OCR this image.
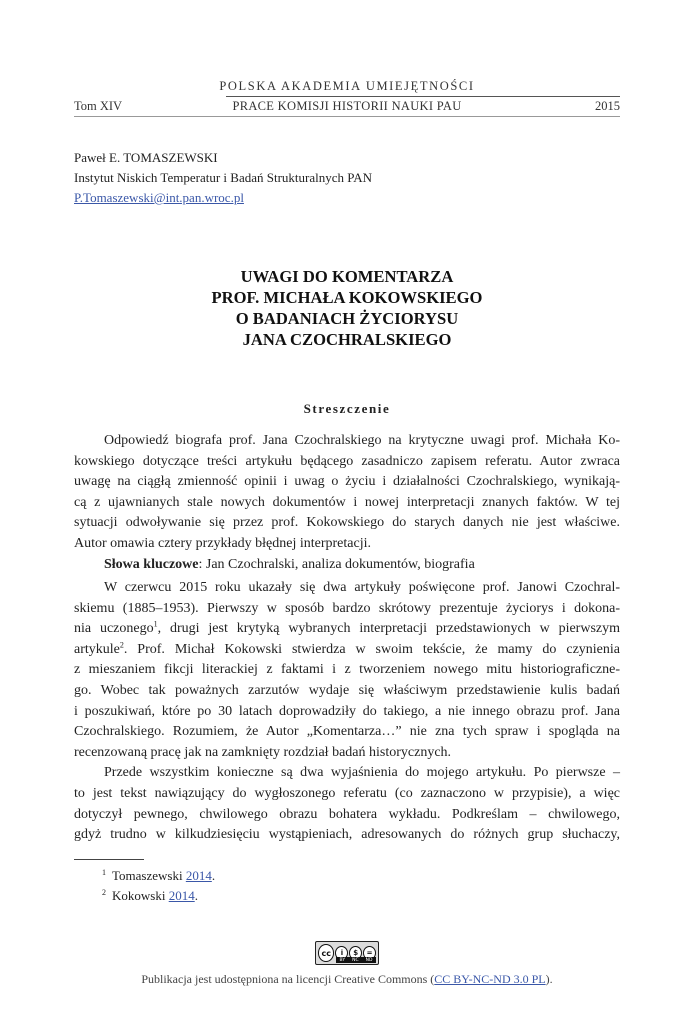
POLSKA AKADEMIA UMIEJĘTNOŚCI
Tom XIV	PRACE KOMISJI HISTORII NAUKI PAU	2015
Paweł E. TOMASZEWSKI
Instytut Niskich Temperatur i Badań Strukturalnych PAN
P.Tomaszewski@int.pan.wroc.pl
UWAGI DO KOMENTARZA
PROF. MICHAŁA KOKOWSKIEGO
O BADANIACH ŻYCIORYSU
JANA CZOCHRALSKIEGO
Streszczenie
Odpowiedź biografa prof. Jana Czochralskiego na krytyczne uwagi prof. Michała Ko-
kowskiego dotyczące treści artykułu będącego zasadniczo zapisem referatu. Autor zwraca
uwagę na ciągłą zmienność opinii i uwag o życiu i działalności Czochralskiego, wynikają-
cą z ujawnianych stale nowych dokumentów i nowej interpretacji znanych faktów. W tej
sytuacji odwoływanie się przez prof. Kokowskiego do starych danych nie jest właściwe.
Autor omawia cztery przykłady błędnej interpretacji.
Słowa kluczowe: Jan Czochralski, analiza dokumentów, biografia
W czerwcu 2015 roku ukazały się dwa artykuły poświęcone prof. Janowi Czochral-
skiemu (1885–1953). Pierwszy w sposób bardzo skrótowy prezentuje życiorys i dokona-
nia uczonego$^1$, drugi jest krytyką wybranych interpretacji przedstawionych w pierwszym
artykule$^2$. Prof. Michał Kokowski stwierdza w swoim tekście, że mamy do czynienia
z mieszaniem fikcji literackiej z faktami i z tworzeniem nowego mitu historiograficzne-
go. Wobec tak poważnych zarzutów wydaje się właściwym przedstawienie kulis badań
i poszukiwań, które po 30 latach doprowadziły do takiego, a nie innego obrazu prof. Jana
Czochralskiego. Rozumiem, że Autor „Komentarza…” nie zna tych spraw i spogląda na
recenzowaną pracę jak na zamknięty rozdział badań historycznych.
Przede wszystkim konieczne są dwa wyjaśnienia do mojego artykułu. Po pierwsze –
to jest tekst nawiązujący do wygłoszonego referatu (co zaznaczono w przypisie), a więc
dotyczył pewnego, chwilowego obrazu bohatera wykładu. Podkreślam – chwilowego,
gdyż trudno w kilkudziesięciu wystąpieniach, adresowanych do różnych grup słuchaczy,
$^1$ Tomaszewski 2014.
$^2$ Kokowski 2014.
cc	i	$	=
BY NC ND
Publikacja jest udostępniona na licencji Creative Commons (CC BY-NC-ND 3.0 PL).
